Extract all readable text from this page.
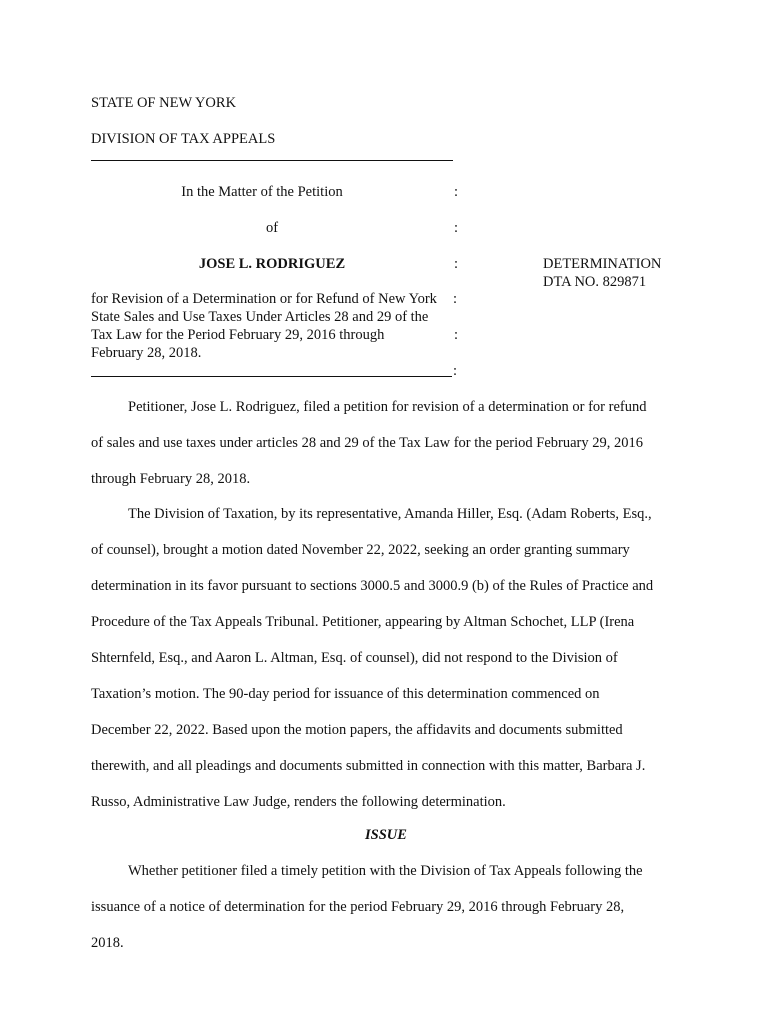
STATE OF NEW YORK
DIVISION OF TAX APPEALS
In the Matter of the Petition	:
of	:
JOSE L. RODRIGUEZ	:	DETERMINATION
DTA NO. 829871
for Revision of a Determination or for Refund of New York :
State Sales and Use Taxes Under Articles 28 and 29 of the
Tax Law for the Period February 29, 2016 through	:
February 28, 2018.
:
Petitioner, Jose L. Rodriguez, filed a petition for revision of a determination or for refund
of sales and use taxes under articles 28 and 29 of the Tax Law for the period February 29, 2016
through February 28, 2018.
The Division of Taxation, by its representative, Amanda Hiller, Esq. (Adam Roberts, Esq.,
of counsel), brought a motion dated November 22, 2022, seeking an order granting summary
determination in its favor pursuant to sections 3000.5 and 3000.9 (b) of the Rules of Practice and
Procedure of the Tax Appeals Tribunal. Petitioner, appearing by Altman Schochet, LLP (Irena
Shternfeld, Esq., and Aaron L. Altman, Esq. of counsel), did not respond to the Division of
Taxation’s motion. The 90-day period for issuance of this determination commenced on
December 22, 2022. Based upon the motion papers, the affidavits and documents submitted
therewith, and all pleadings and documents submitted in connection with this matter, Barbara J.
Russo, Administrative Law Judge, renders the following determination.
ISSUE
Whether petitioner filed a timely petition with the Division of Tax Appeals following the
issuance of a notice of determination for the period February 29, 2016 through February 28,
2018.
